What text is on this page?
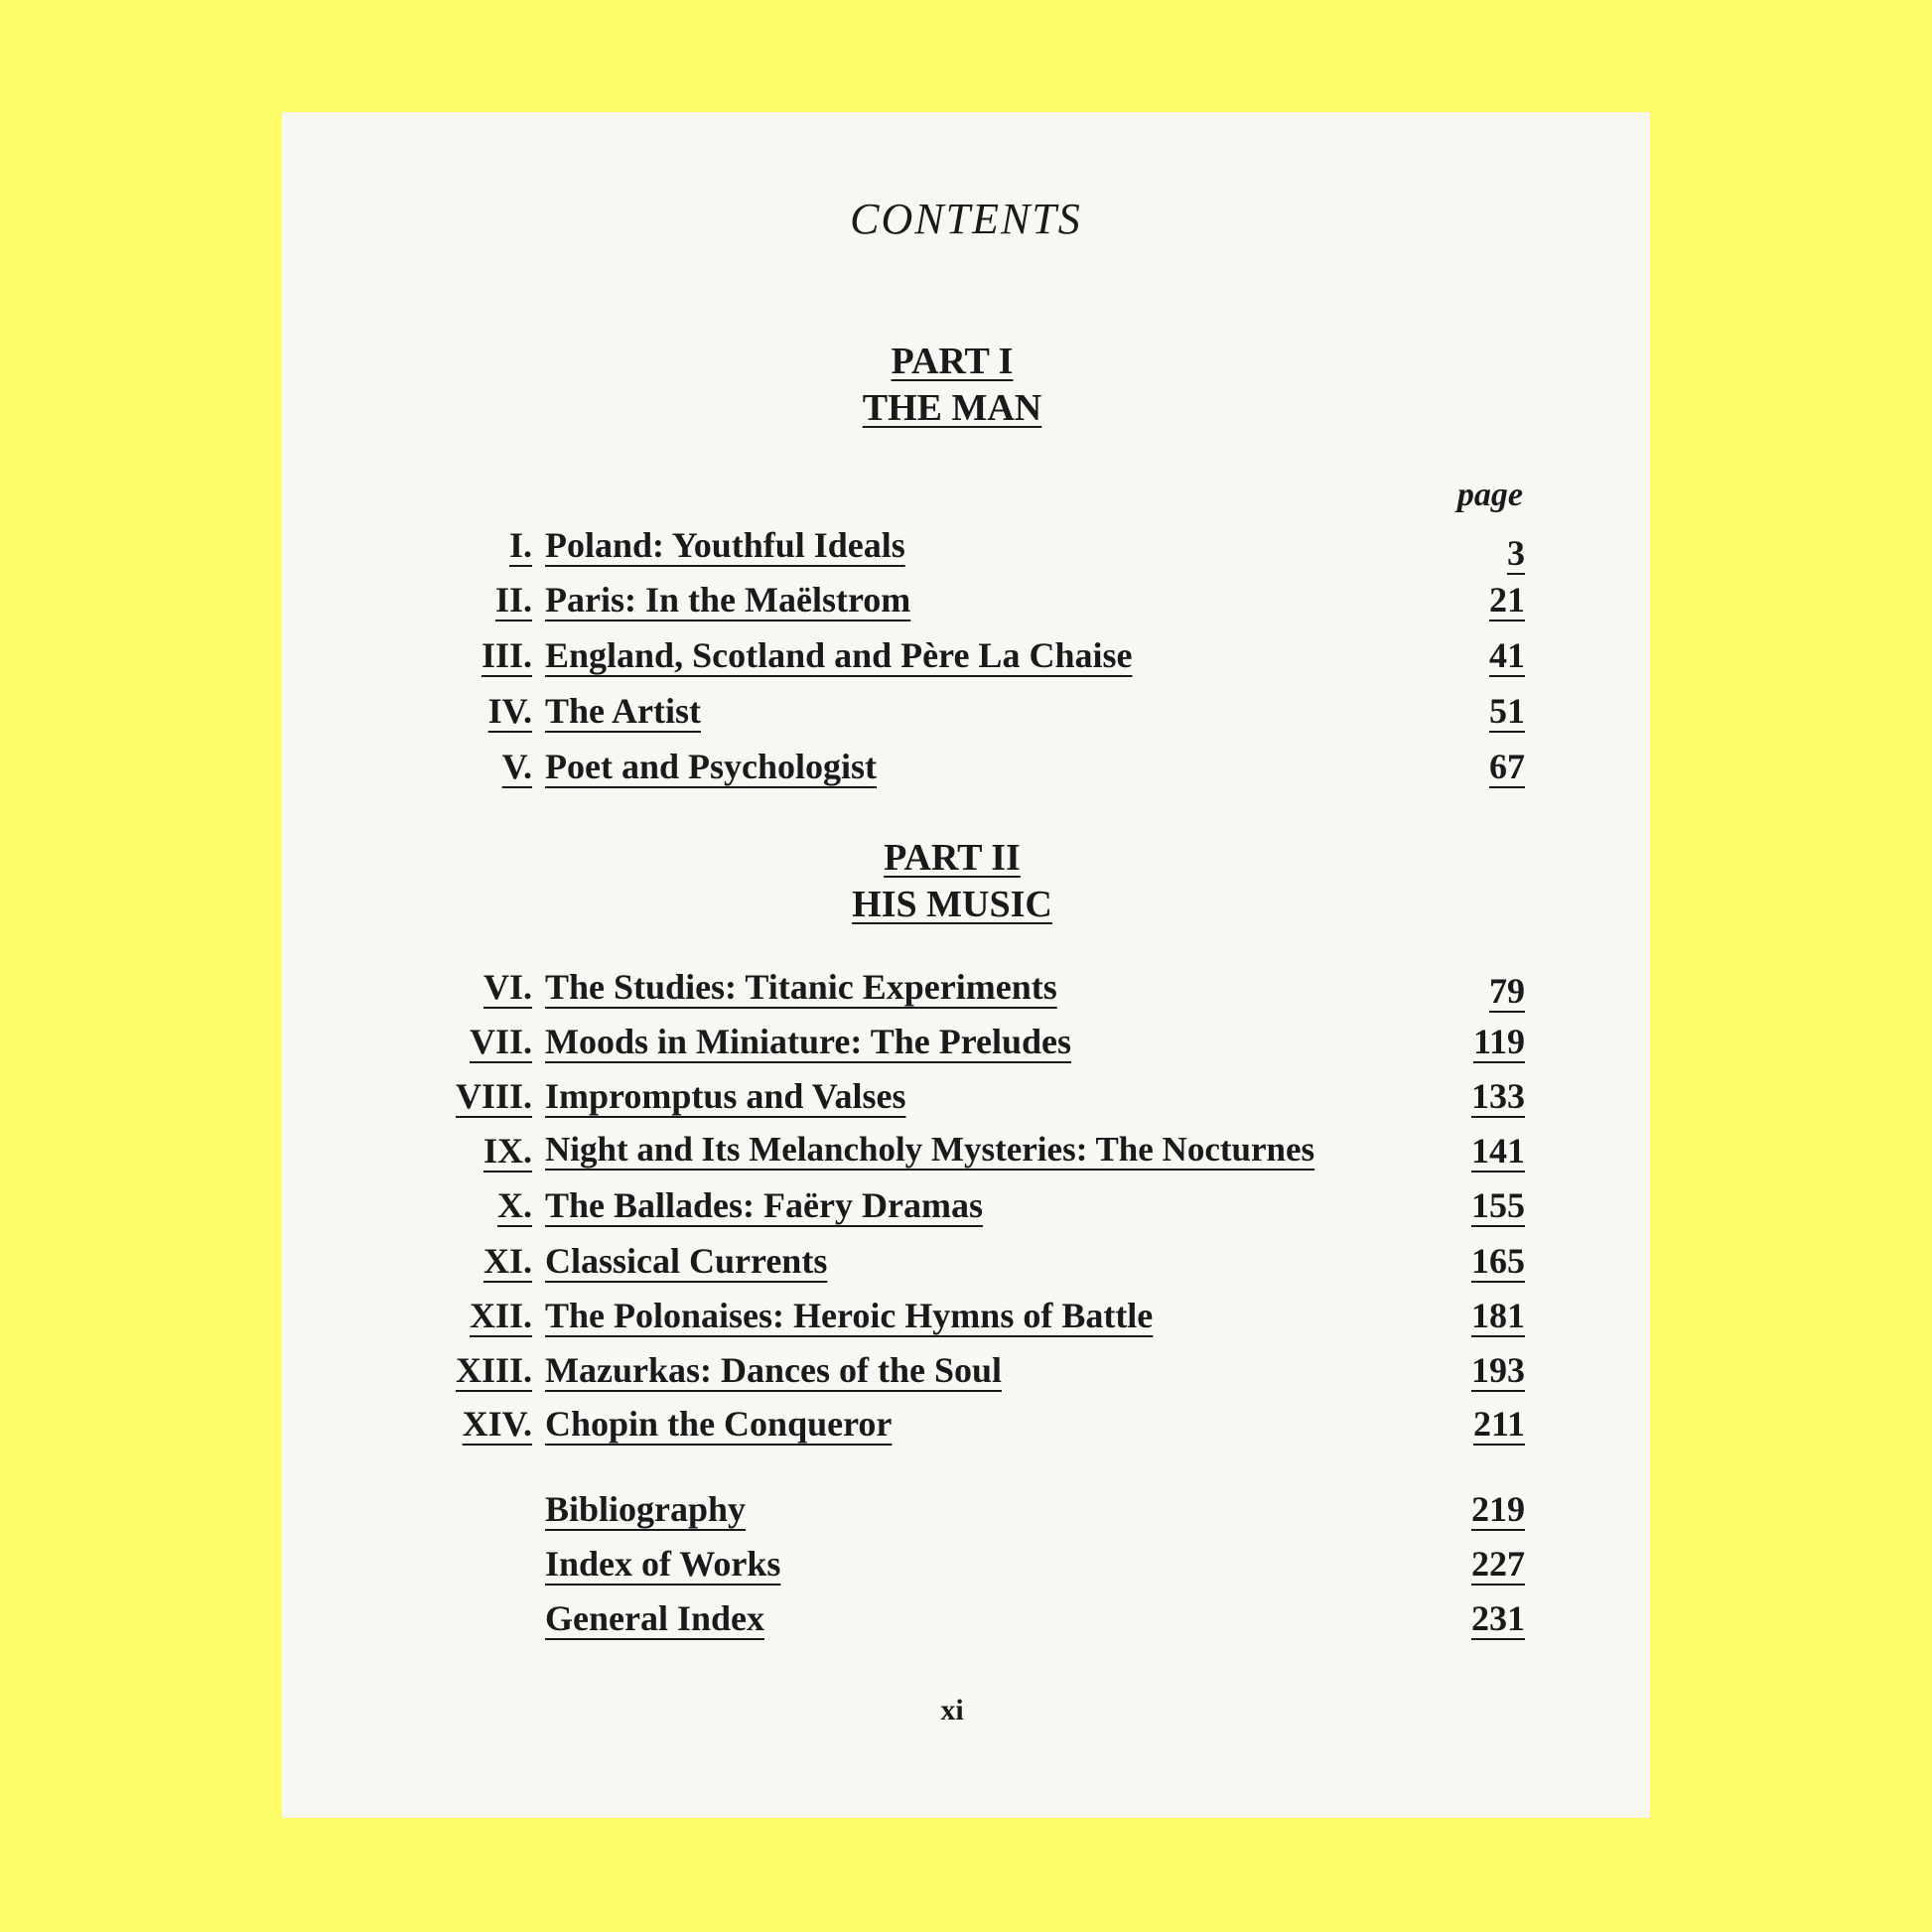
CONTENTS
PART I
THE MAN
page
I. Poland: Youthful Ideals	3
II. Paris: In the Maëlstrom	21
III. England, Scotland and Père La Chaise	41
IV. The Artist	51
V. Poet and Psychologist	67
PART II
HIS MUSIC
VI. The Studies: Titanic Experiments	79
VII. Moods in Miniature: The Preludes	119
VIII. Impromptus and Valses	133
IX. Night and Its Melancholy Mysteries: The Nocturnes	141
X. The Ballades: Faëry Dramas	155
XI. Classical Currents	165
XII. The Polonaises: Heroic Hymns of Battle	181
XIII. Mazurkas: Dances of the Soul	193
XIV. Chopin the Conqueror	211
Bibliography	219
Index of Works	227
General Index	231
xi
